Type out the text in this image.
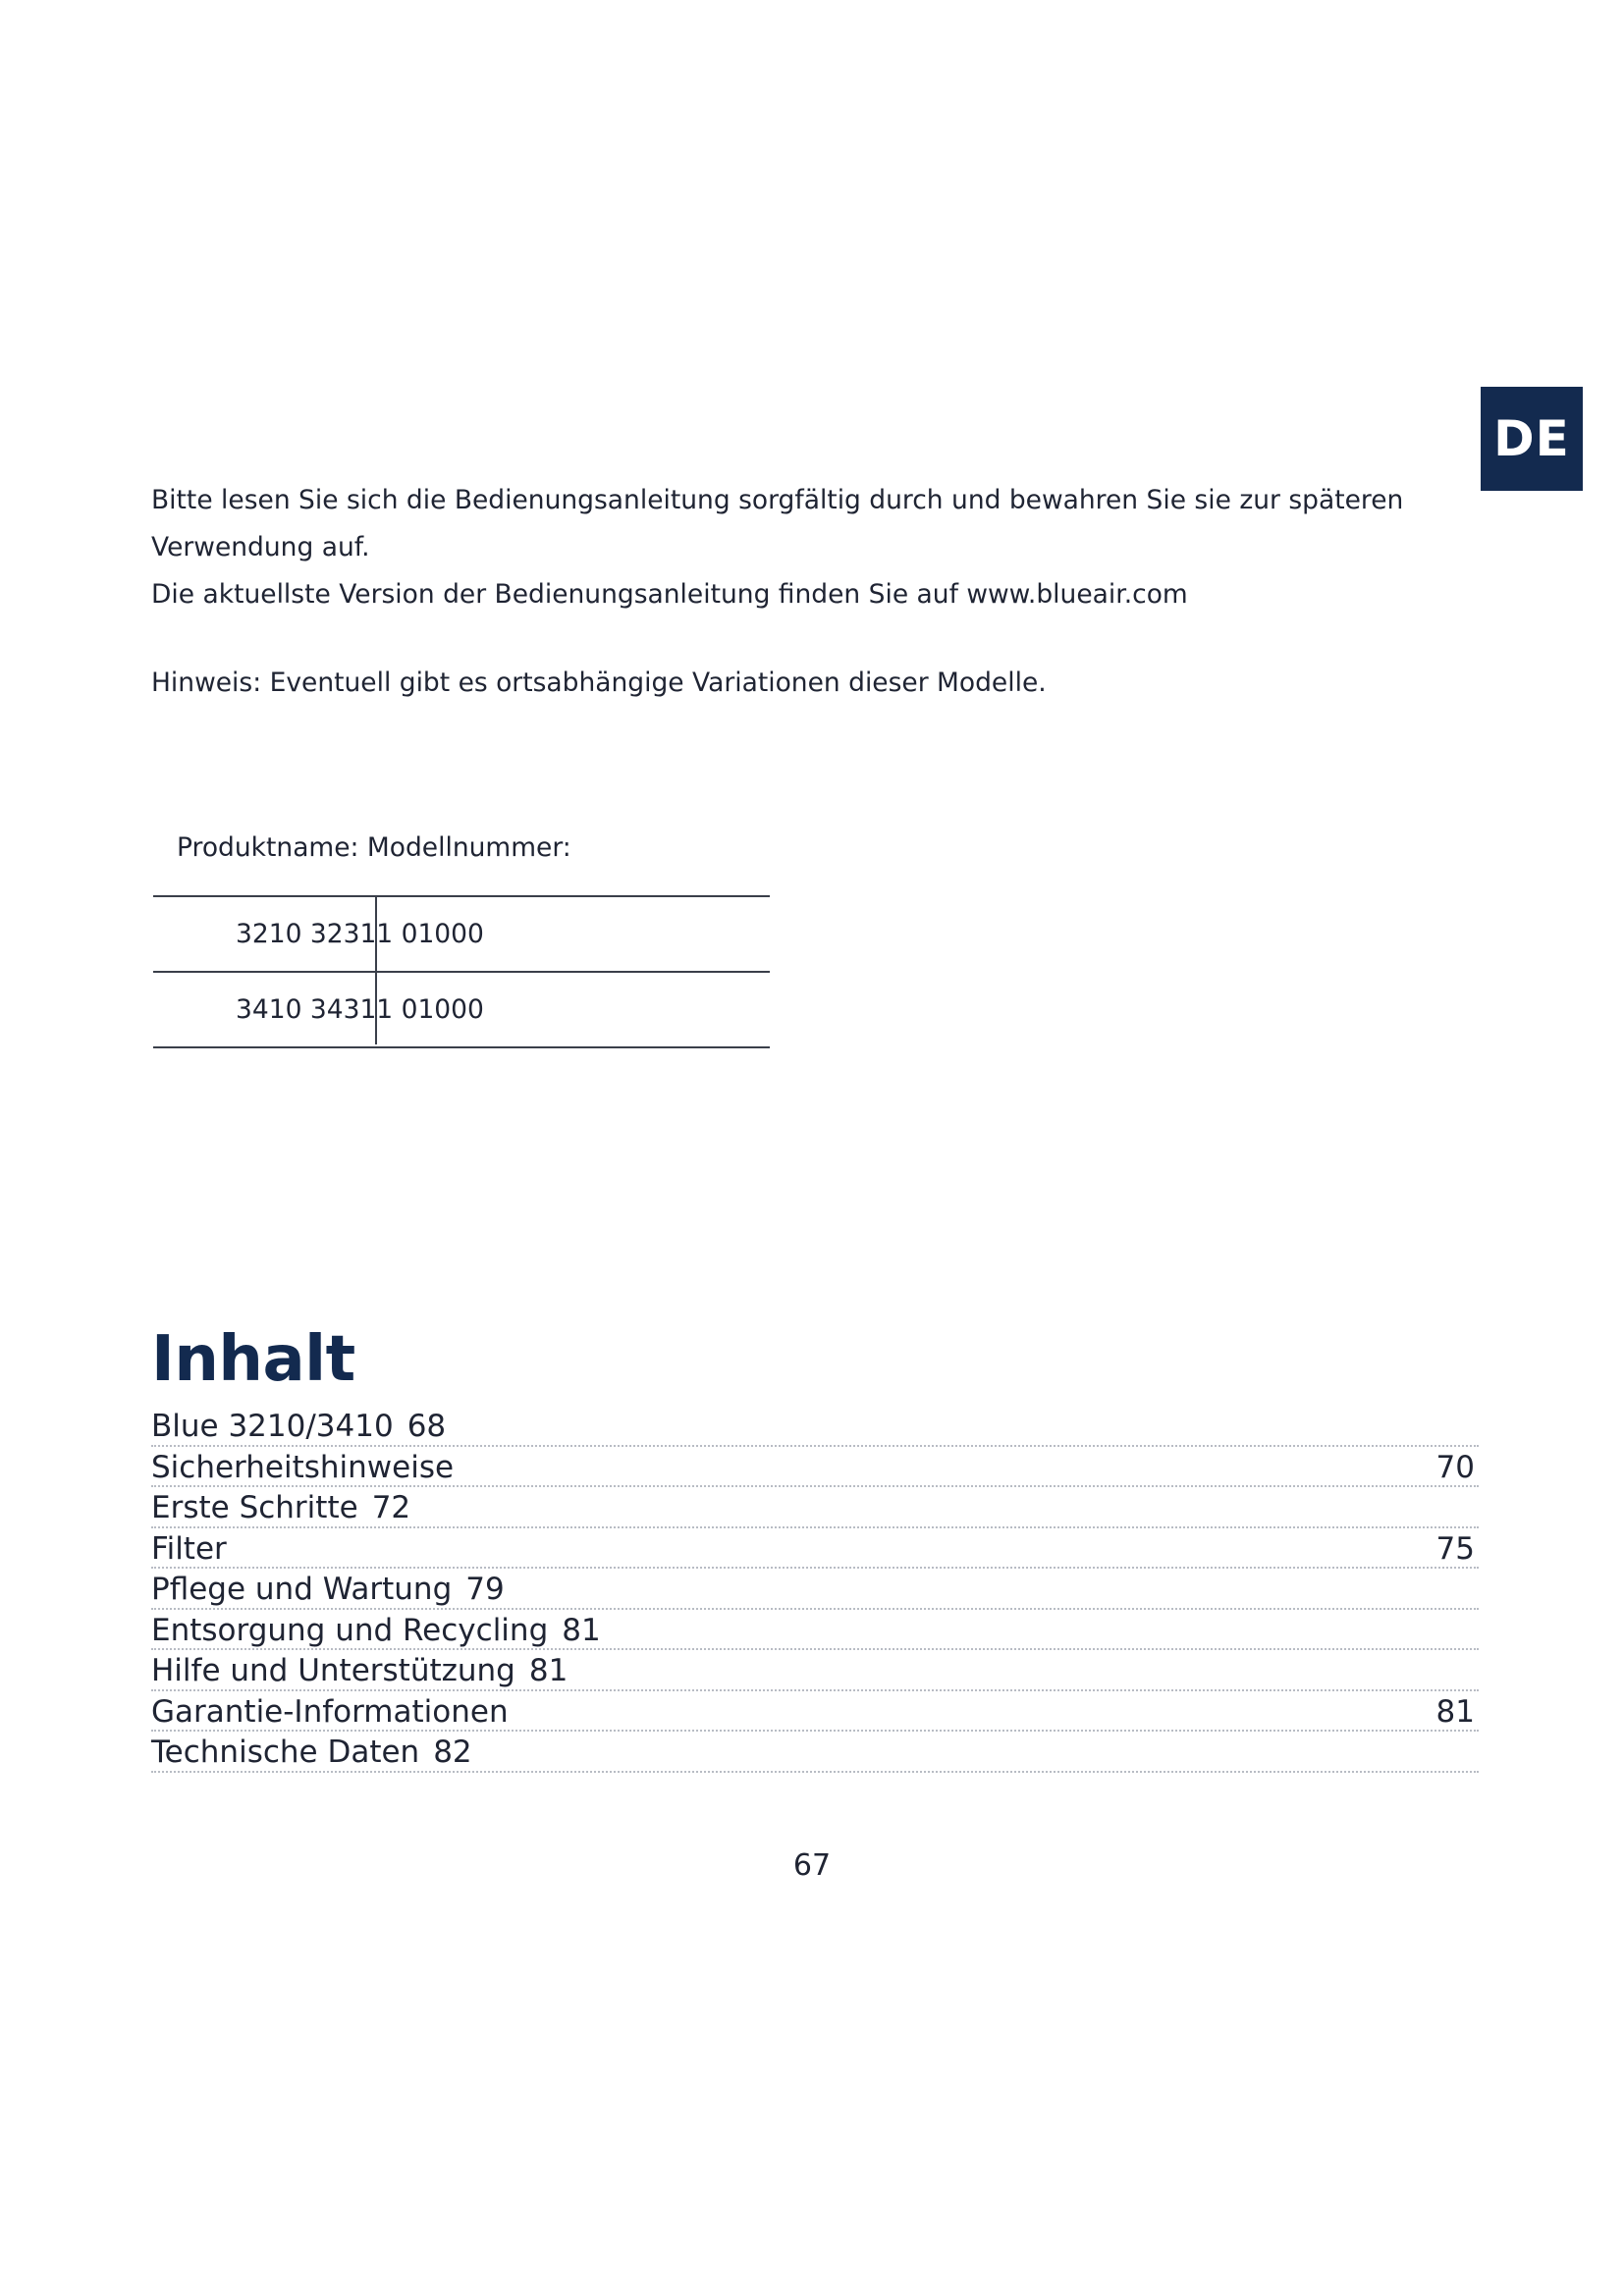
DE

Bitte lesen Sie sich die Bedienungsanleitung sorgfältig durch und bewahren Sie sie zur späteren

Verwendung auf.

Die aktuellste Version der Bedienungsanleitung finden Sie auf www.blueair.com

Hinweis: Eventuell gibt es ortsabhängige Variationen dieser Modelle.
Produktname: Modellnummer:
3210 32311 01000
3410 34311 01000
Inhalt
Blue 3210/3410 68
Sicherheitshinweise	70
Erste Schritte 72
Filter	75
Pflege und Wartung 79
Entsorgung und Recycling 81
Hilfe und Unterstützung 81
Garantie-Informationen	81
Technische Daten 82
67
